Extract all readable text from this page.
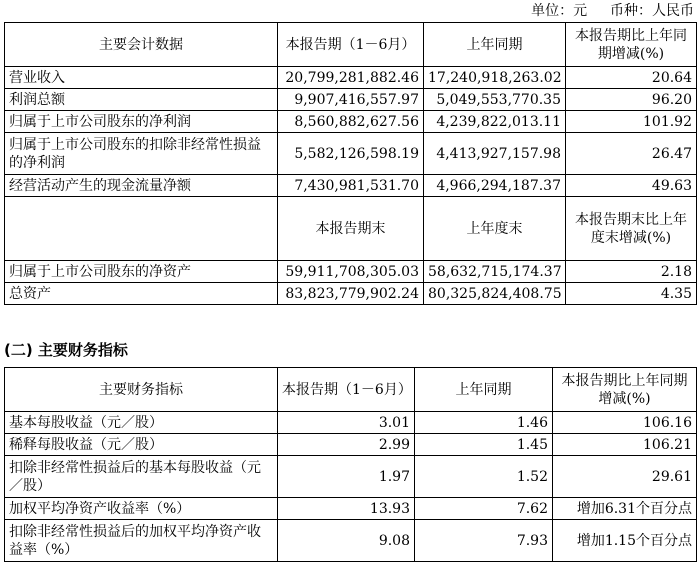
单位：元 币种：人民币
主要会计数据	本报告期（1－6月）	上年同期	本报告期比上年同期增减(%)
营业收入	20,799,281,882.46	17,240,918,263.02	20.64
利润总额	9,907,416,557.97	5,049,553,770.35	96.20
归属于上市公司股东的净利润	8,560,882,627.56	4,239,822,013.11	101.92
归属于上市公司股东的扣除非经常性损益的净利润	5,582,126,598.19	4,413,927,157.98	26.47
经营活动产生的现金流量净额	7,430,981,531.70	4,966,294,187.37	49.63
	本报告期末	上年度末	本报告期末比上年度末增减(%)
归属于上市公司股东的净资产	59,911,708,305.03	58,632,715,174.37	2.18
总资产	83,823,779,902.24	80,325,824,408.75	4.35
(二) 主要财务指标
主要财务指标	本报告期（1－6月）	上年同期	本报告期比上年同期增减(%)
基本每股收益（元／股）	3.01	1.46	106.16
稀释每股收益（元／股）	2.99	1.45	106.21
扣除非经常性损益后的基本每股收益（元／股）	1.97	1.52	29.61
加权平均净资产收益率（%）	13.93	7.62	增加6.31个百分点
扣除非经常性损益后的加权平均净资产收益率（%）	9.08	7.93	增加1.15个百分点
